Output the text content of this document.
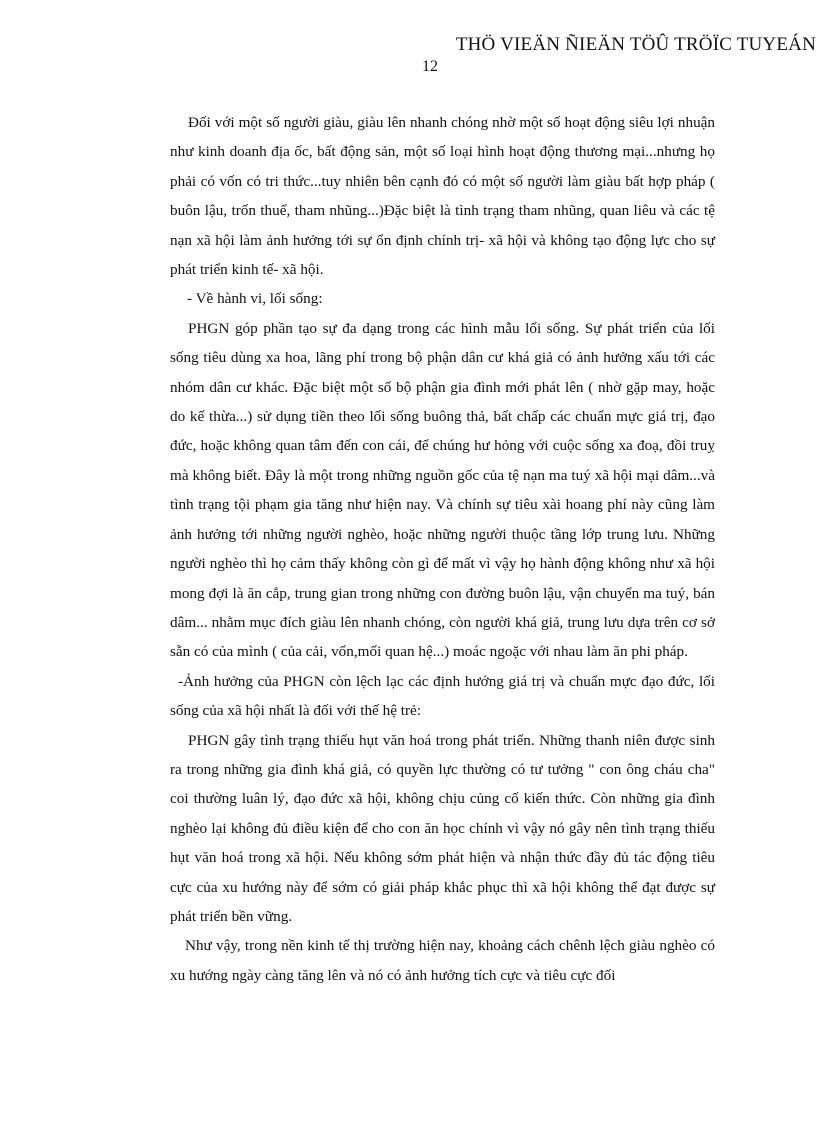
THÖ VIEÄN ÑIEÄN TÖÛ TRÖÏC TUYEÁN
12

Đối với một số người giàu, giàu lên nhanh chóng nhờ một số hoạt động siêu lợi nhuận như kinh doanh địa ốc, bất động sản, một số loại hình hoạt động thương mại...nhưng họ phải có vốn có tri thức...tuy nhiên bên cạnh đó có một số người làm giàu bất hợp pháp ( buôn lậu, trốn thuế, tham nhũng...)Đặc biệt là tình trạng tham nhũng, quan liêu và các tệ nạn xã hội làm ảnh hưởng tới sự ổn định chính trị- xã hội và không tạo động lực cho sự phát triển kinh tế- xã hội.

- Về hành vi, lối sống:

PHGN góp phần tạo sự đa dạng trong các hình mẫu lối sống. Sự phát triển của lối sống tiêu dùng xa hoa, lãng phí trong bộ phận dân cư khá giả có ảnh hưởng xấu tới các nhóm dân cư khác. Đặc biệt một số bộ phận gia đình mới phát lên ( nhờ gặp may, hoặc do kế thừa...) sử dụng tiền theo lối sống buông thả, bất chấp các chuẩn mực giá trị, đạo đức, hoặc không quan tâm đến con cái, để chúng hư hỏng với cuộc sống xa đoạ, đồi truỵ mà không biết. Đây là một trong những nguồn gốc của tệ nạn ma tuý xã hội mại dâm...và tình trạng tội phạm gia tăng như hiện nay. Và chính sự tiêu xài hoang phí này cũng làm ảnh hưởng tới những người nghèo, hoặc những người thuộc tầng lớp trung lưu. Những người nghèo thì họ cảm thấy không còn gì để mất vì vậy họ hành động không như xã hội mong đợi là ăn cắp, trung gian trong những con đường buôn lậu, vận chuyển ma tuý, bán dâm... nhằm mục đích giàu lên nhanh chóng, còn người khá giả, trung lưu dựa trên cơ sở sẵn có của mình ( của cải, vốn,mối quan hệ...) moác ngoặc với nhau làm ăn phi pháp.

-Ảnh hưởng của PHGN còn lệch lạc các định hướng giá trị và chuẩn mực đạo đức, lối sống của xã hội nhất là đối với thế hệ trẻ:

PHGN gây tình trạng thiếu hụt văn hoá trong phát triển. Những thanh niên được sinh ra trong những gia đình khá giả, có quyền lực thường có tư tưởng " con ông cháu cha" coi thường luân lý, đạo đức xã hội, không chịu củng cố kiến thức. Còn những gia đình nghèo lại không đủ điều kiện để cho con ăn học chính vì vậy nó gây nên tình trạng thiếu hụt văn hoá trong xã hội. Nếu không sớm phát hiện và nhận thức đầy đủ tác động tiêu cực của xu hướng này để sớm có giải pháp khắc phục thì xã hội không thể đạt được sự phát triển bền vững.

Như vậy, trong nền kinh tế thị trường hiện nay, khoảng cách chênh lệch giàu nghèo có xu hướng ngày càng tăng lên và nó có ảnh hưởng tích cực và tiêu cực đối
